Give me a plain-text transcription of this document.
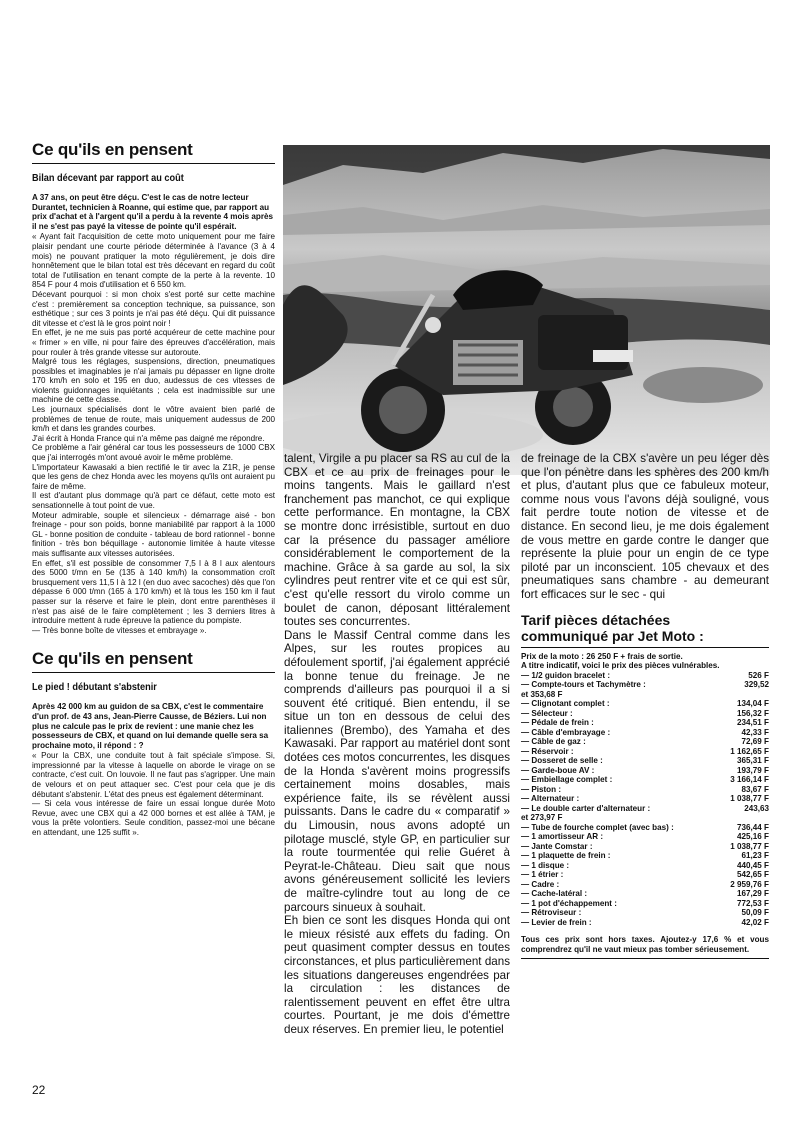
Ce qu'ils en pensent
Bilan décevant par rapport au coût
A 37 ans, on peut être déçu. C'est le cas de notre lecteur Durantet, technicien à Roanne, qui estime que, par rapport au prix d'achat et à l'argent qu'il a perdu à la revente 4 mois après il ne s'est pas payé la vitesse de pointe qu'il espérait.

« Ayant fait l'acquisition de cette moto uniquement pour me faire plaisir pendant une courte période déterminée à l'avance (3 à 4 mois) ne pouvant pratiquer la moto régulièrement, je dois dire honnêtement que le bilan total est très décevant en regard du coût total de l'utilisation en tenant compte de la perte à la revente. 10 854 F pour 4 mois d'utilisation et 6 550 km.

Décevant pourquoi : si mon choix s'est porté sur cette machine c'est : premièrement sa conception technique, sa puissance, son esthétique ; sur ces 3 points je n'ai pas été déçu. Qui dit puissance dit vitesse et c'est là le gros point noir !

En effet, je ne me suis pas porté acquéreur de cette machine pour « frimer » en ville, ni pour faire des épreuves d'accélération, mais pour rouler à très grande vitesse sur autoroute.

Malgré tous les réglages, suspensions, direction, pneumatiques possibles et imaginables je n'ai jamais pu dépasser en ligne droite 170 km/h en solo et 195 en duo, audessus de ces vitesses de violents guidonnages inquiétants ; cela est inadmissible sur une machine de cette classe.

Les journaux spécialisés dont le vôtre avaient bien parlé de problèmes de tenue de route, mais uniquement audessus de 200 km/h et dans les grandes courbes.

J'ai écrit à Honda France qui n'a même pas daigné me répondre.

Ce problème a l'air général car tous les possesseurs de 1000 CBX que j'ai interrogés m'ont avoué avoir le même problème.

L'importateur Kawasaki a bien rectifié le tir avec la Z1R, je pense que les gens de chez Honda avec les moyens qu'ils ont auraient pu faire de même.

Il est d'autant plus dommage qu'à part ce défaut, cette moto est sensationnelle à tout point de vue.

Moteur admirable, souple et silencieux - démarrage aisé - bon freinage - pour son poids, bonne maniabilité par rapport à la 1000 GL - bonne position de conduite - tableau de bord rationnel - bonne finition - très bon béquillage - autonomie limitée à haute vitesse mais suffisante aux vitesses autorisées.

En effet, s'il est possible de consommer 7,5 l à 8 l aux alentours des 5000 t/mn en 5e (135 à 140 km/h) la consommation croît brusquement vers 11,5 l à 12 l (en duo avec sacoches) dès que l'on dépasse 6 000 t/mn (165 à 170 km/h) et là tous les 150 km il faut passer sur la réserve et faire le plein, dont entre parenthèses il n'est pas aisé de le faire complètement ; les 3 derniers litres à introduire mettent à rude épreuve la patience du pompiste.

— Très bonne boîte de vitesses et embrayage ».

Ce qu'ils en pensent
Le pied ! débutant s'abstenir
Après 42 000 km au guidon de sa CBX, c'est le commentaire d'un prof. de 43 ans, Jean-Pierre Causse, de Béziers. Lui non plus ne calcule pas le prix de revient : une manie chez les possesseurs de CBX, et quand on lui demande quelle sera sa prochaine moto, il répond : ?

« Pour la CBX, une conduite tout à fait spéciale s'impose. Si, impressionné par la vitesse à laquelle on aborde le virage on se contracte, c'est cuit. On louvoie. Il ne faut pas s'agripper. Une main de velours et on peut attaquer sec. C'est pour cela que je dis débutant s'abstenir. L'état des pneus est également déterminant.

— Si cela vous intéresse de faire un essai longue durée Moto Revue, avec une CBX qui a 42 000 bornes et est allée à TAM, je vous la prête volontiers. Seule condition, passez-moi une bécane en attendant, une 125 suffit ».

talent, Virgile a pu placer sa RS au cul de la CBX et ce au prix de freinages pour le moins tangents. Mais le gaillard n'est franchement pas manchot, ce qui explique cette performance. En montagne, la CBX se montre donc irrésistible, surtout en duo car la présence du passager améliore considérablement le comportement de la machine. Grâce à sa garde au sol, la six cylindres peut rentrer vite et ce qui est sûr, c'est qu'elle ressort du virolo comme un boulet de canon, déposant littéralement toutes ses concurrentes.

Dans le Massif Central comme dans les Alpes, sur les routes propices au défoulement sportif, j'ai également apprécié la bonne tenue du freinage. Je ne comprends d'ailleurs pas pourquoi il a si souvent été critiqué. Bien entendu, il se situe un ton en dessous de celui des italiennes (Brembo), des Yamaha et des Kawasaki. Par rapport au matériel dont sont dotées ces motos concurrentes, les disques de la Honda s'avèrent moins progressifs certainement moins dosables, mais expérience faite, ils se révèlent aussi puissants. Dans le cadre du « comparatif » du Limousin, nous avons adopté un pilotage musclé, style GP, en particulier sur la route tourmentée qui relie Guéret à Peyrat-le-Château. Dieu sait que nous avons généreusement sollicité les leviers de maître-cylindre tout au long de ce parcours sinueux à souhait.

Eh bien ce sont les disques Honda qui ont le mieux résisté aux effets du fading. On peut quasiment compter dessus en toutes circonstances, et plus particulièrement dans les situations dangereuses engendrées par la circulation : les distances de ralentissement peuvent en effet être ultra courtes. Pourtant, je me dois d'émettre deux réserves. En premier lieu, le potentiel

de freinage de la CBX s'avère un peu léger dès que l'on pénètre dans les sphères des 200 km/h et plus, d'autant plus que ce fabuleux moteur, comme nous vous l'avons déjà souligné, vous fait perdre toute notion de vitesse et de distance. En second lieu, je me dois également de vous mettre en garde contre le danger que représente la pluie pour un engin de ce type piloté par un inconscient. 105 chevaux et des pneumatiques sans chambre - au demeurant fort efficaces sur le sec - qui

Tarif pièces détachées
communiqué par Jet Moto :
Prix de la moto : 26 250 F + frais de sortie.
A titre indicatif, voici le prix des pièces vulnérables.
— 1/2 guidon bracelet :	526 F
— Compte-tours et Tachymètre :	329,52
et 353,68 F
— Clignotant complet :	134,04 F
— Sélecteur :	156,32 F
— Pédale de frein :	234,51 F
— Câble d'embrayage :	42,33 F
— Câble de gaz :	72,69 F
— Réservoir :	1 162,65 F
— Dosseret de selle :	365,31 F
— Garde-boue AV :	193,79 F
— Embiellage complet :	3 166,14 F
— Piston :	83,67 F
— Alternateur :	1 038,77 F
— Le double carter d'alternateur :	243,63
et 273,97 F
— Tube de fourche complet (avec bas) :	736,44 F
— 1 amortisseur AR :	425,16 F
— Jante Comstar :	1 038,77 F
— 1 plaquette de frein :	61,23 F
— 1 disque :	440,45 F
— 1 étrier :	542,65 F
— Cadre :	2 959,76 F
— Cache-latéral :	167,29 F
— 1 pot d'échappement :	772,53 F
— Rétroviseur :	50,09 F
— Levier de frein :	42,02 F
Tous ces prix sont hors taxes. Ajoutez-y 17,6 % et vous comprendrez qu'il ne vaut mieux pas tomber sérieusement.
22
